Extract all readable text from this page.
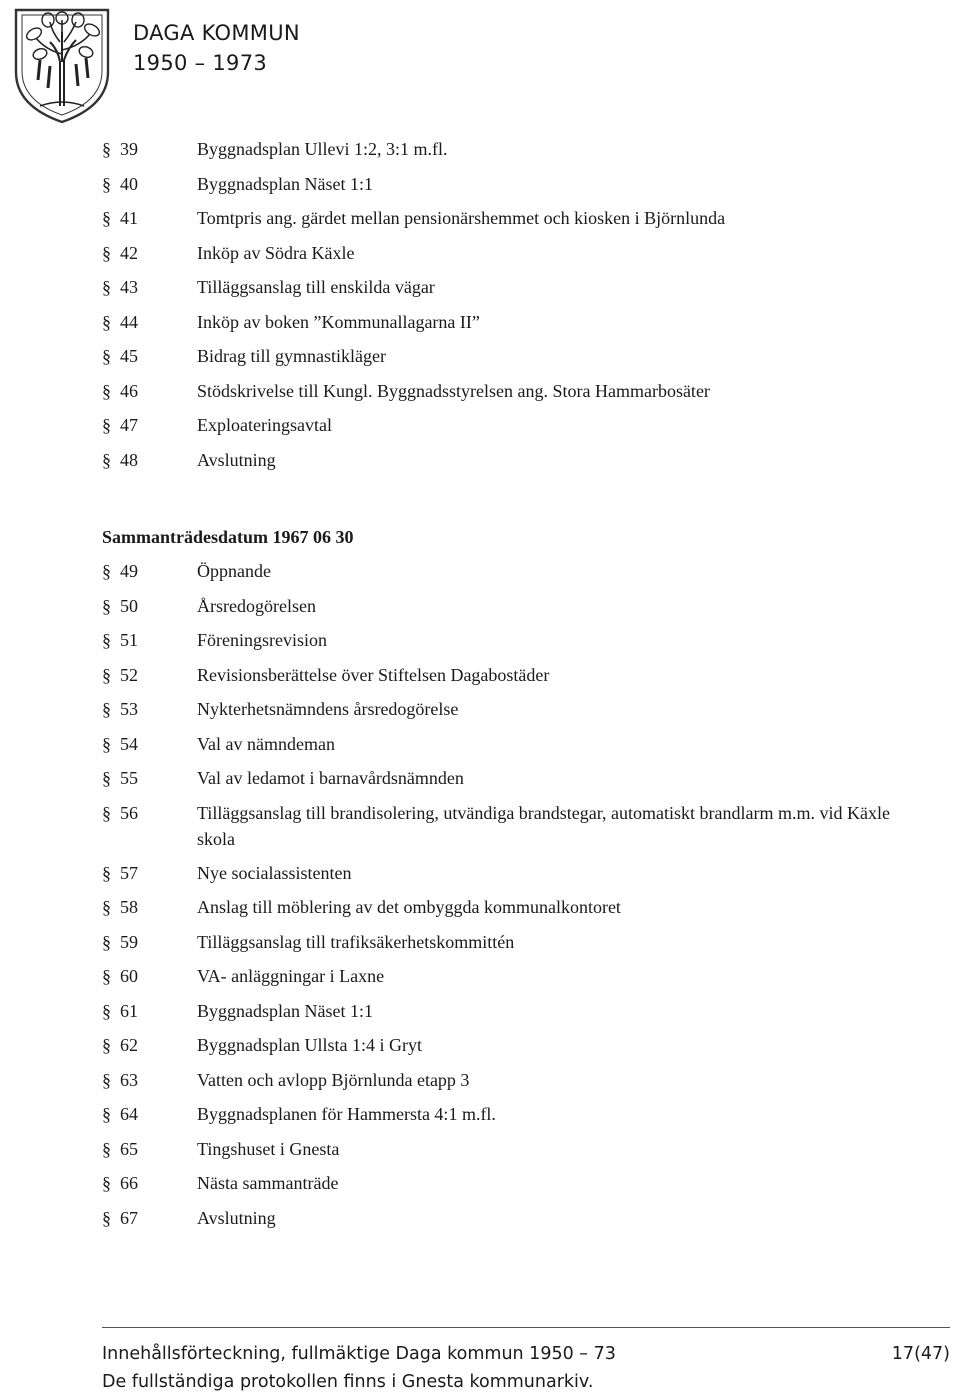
DAGA KOMMUN
1950 – 1973
§ 39	Byggnadsplan Ullevi 1:2, 3:1 m.fl.
§ 40	Byggnadsplan Näset 1:1
§ 41	Tomtpris ang. gärdet mellan pensionärshemmet och kiosken i Björnlunda
§ 42	Inköp av Södra Käxle
§ 43	Tilläggsanslag till enskilda vägar
§ 44	Inköp av boken ”Kommunallagarna II”
§ 45	Bidrag till gymnastikläger
§ 46	Stödskrivelse till Kungl. Byggnadsstyrelsen ang. Stora Hammarbosäter
§ 47	Exploateringsavtal
§ 48	Avslutning
Sammanträdesdatum 1967 06 30
§ 49	Öppnande
§ 50	Årsredogörelsen
§ 51	Föreningsrevision
§ 52	Revisionsberättelse över Stiftelsen Dagabostäder
§ 53	Nykterhetsnämndens årsredogörelse
§ 54	Val av nämndeman
§ 55	Val av ledamot i barnavårdsnämnden
§ 56	Tilläggsanslag till brandisolering, utvändiga brandstegar, automatiskt brandlarm m.m. vid Käxle skola
§ 57	Nye socialassistenten
§ 58	Anslag till möblering av det ombyggda kommunalkontoret
§ 59	Tilläggsanslag till trafiksäkerhetskommittén
§ 60	VA- anläggningar i Laxne
§ 61	Byggnadsplan Näset 1:1
§ 62	Byggnadsplan Ullsta 1:4 i Gryt
§ 63	Vatten och avlopp Björnlunda etapp 3
§ 64	Byggnadsplanen för Hammersta 4:1 m.fl.
§ 65	Tingshuset i Gnesta
§ 66	Nästa sammanträde
§ 67	Avslutning
Innehållsförteckning, fullmäktige Daga kommun 1950 – 73	17(47)
De fullständiga protokollen finns i Gnesta kommunarkiv.
